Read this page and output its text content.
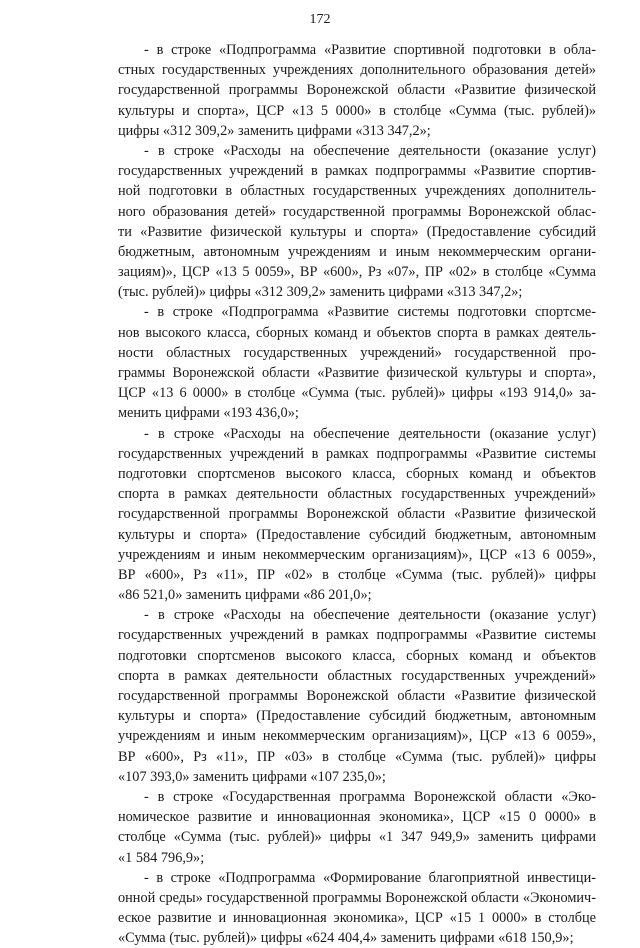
172
- в строке «Подпрограмма «Развитие спортивной подготовки в обла-
стных государственных учреждениях дополнительного образования детей»
государственной программы Воронежской области «Развитие физической
культуры и спорта», ЦСР «13 5 0000» в столбце «Сумма (тыс. рублей)»
цифры «312 309,2» заменить цифрами «313 347,2»;
- в строке «Расходы на обеспечение деятельности (оказание услуг)
государственных учреждений в рамках подпрограммы «Развитие спортив-
ной подготовки в областных государственных учреждениях дополнитель-
ного образования детей» государственной программы Воронежской облас-
ти «Развитие физической культуры и спорта» (Предоставление субсидий
бюджетным, автономным учреждениям и иным некоммерческим органи-
зациям)», ЦСР «13 5 0059», ВР «600», Рз «07», ПР «02» в столбце «Сумма
(тыс. рублей)» цифры «312 309,2» заменить цифрами «313 347,2»;
- в строке «Подпрограмма «Развитие системы подготовки спортсме-
нов высокого класса, сборных команд и объектов спорта в рамках деятель-
ности областных государственных учреждений» государственной про-
граммы Воронежской области «Развитие физической культуры и спорта»,
ЦСР «13 6 0000» в столбце «Сумма (тыс. рублей)» цифры «193 914,0» за-
менить цифрами «193 436,0»;
- в строке «Расходы на обеспечение деятельности (оказание услуг)
государственных учреждений в рамках подпрограммы «Развитие системы
подготовки спортсменов высокого класса, сборных команд и объектов
спорта в рамках деятельности областных государственных учреждений»
государственной программы Воронежской области «Развитие физической
культуры и спорта» (Предоставление субсидий бюджетным, автономным
учреждениям и иным некоммерческим организациям)», ЦСР «13 6 0059»,
ВР «600», Рз «11», ПР «02» в столбце «Сумма (тыс. рублей)» цифры
«86 521,0» заменить цифрами «86 201,0»;
- в строке «Расходы на обеспечение деятельности (оказание услуг)
государственных учреждений в рамках подпрограммы «Развитие системы
подготовки спортсменов высокого класса, сборных команд и объектов
спорта в рамках деятельности областных государственных учреждений»
государственной программы Воронежской области «Развитие физической
культуры и спорта» (Предоставление субсидий бюджетным, автономным
учреждениям и иным некоммерческим организациям)», ЦСР «13 6 0059»,
ВР «600», Рз «11», ПР «03» в столбце «Сумма (тыс. рублей)» цифры
«107 393,0» заменить цифрами «107 235,0»;
- в строке «Государственная программа Воронежской области «Эко-
номическое развитие и инновационная экономика», ЦСР «15 0 0000» в
столбце «Сумма (тыс. рублей)» цифры «1 347 949,9» заменить цифрами
«1 584 796,9»;
- в строке «Подпрограмма «Формирование благоприятной инвестици-
онной среды» государственной программы Воронежской области «Экономич-
еское развитие и инновационная экономика», ЦСР «15 1 0000» в столбце
«Сумма (тыс. рублей)» цифры «624 404,4» заменить цифрами «618 150,9»;
